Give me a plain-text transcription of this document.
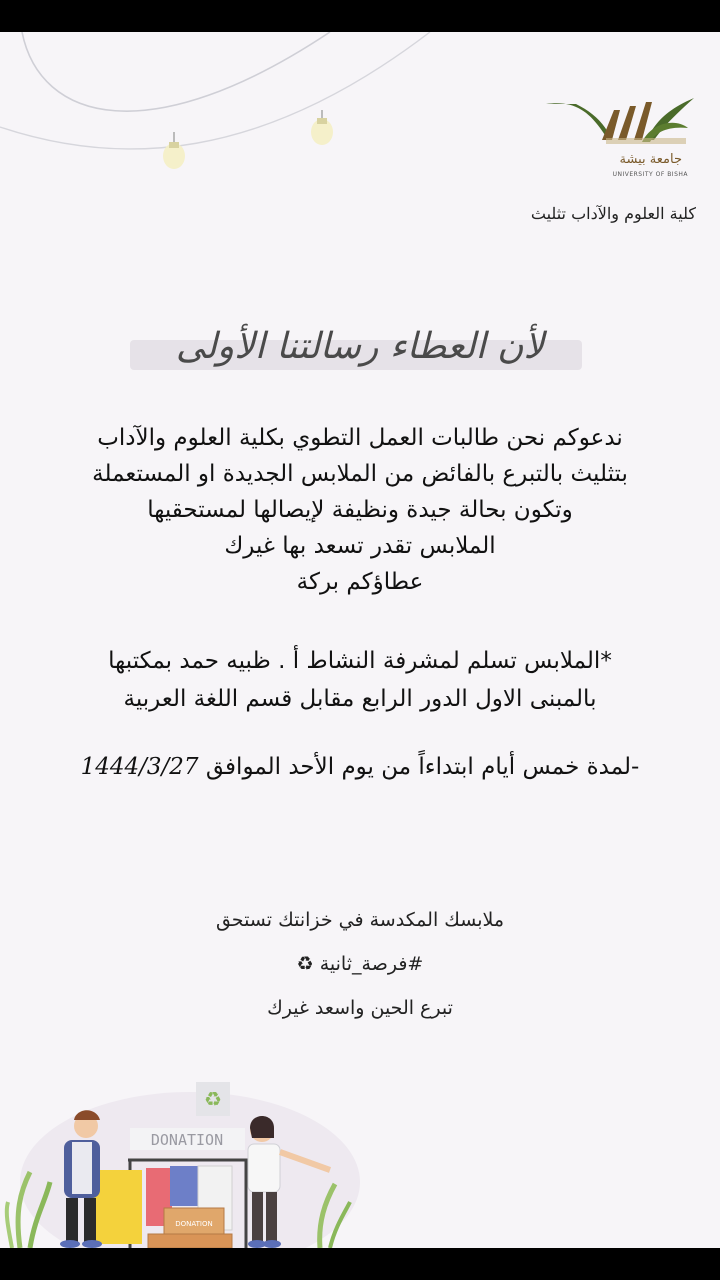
جامعة بيشة
UNIVERSITY OF BISHA
كلية العلوم والآداب تثليث
لأن العطاء رسالتنا الأولى
ندعوكم نحن طالبات العمل التطوي بكلية العلوم والآداب
بتثليث بالتبرع بالفائض من الملابس الجديدة او المستعملة
وتكون بحالة جيدة ونظيفة لإيصالها لمستحقيها
الملابس تقدر تسعد بها غيرك
عطاؤكم بركة
*الملابس تسلم لمشرفة النشاط أ . ظبيه حمد بمكتبها
بالمبنى الاول الدور الرابع مقابل قسم اللغة العربية
-لمدة خمس أيام ابتداءاً من يوم الأحد الموافق 1444/3/27
ملابسك المكدسة في خزانتك تستحق
#فرصة_ثانية ♻
تبرع الحين واسعد غيرك
♻
DONATION
DONATION
